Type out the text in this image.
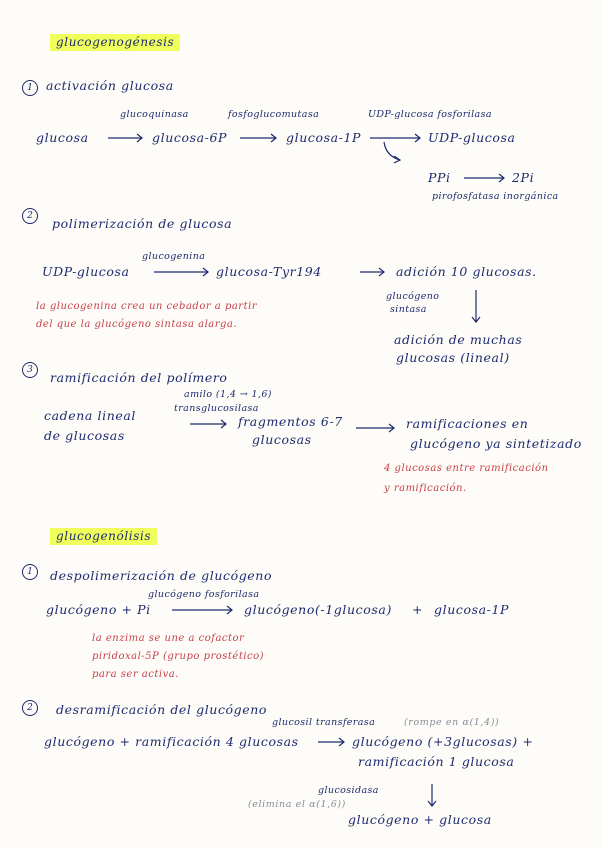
glucogenogénesis
1	activación glucosa
glucoquinasa	fosfoglucomutasa	UDP-glucosa fosforilasa
glucosa	glucosa-6P	glucosa-1P	UDP-glucosa
PPi	2Pi
pirofosfatasa inorgánica
2	polimerización de glucosa
glucogenina
UDP-glucosa	glucosa-Tyr194	adición 10 glucosas.
glucógeno
sintasa
la glucogenina crea un cebador a partir
del que la glucógeno sintasa alarga.
adición de muchas
glucosas (lineal)
3	ramificación del polímero
amilo (1,4 → 1,6)
transglucosilasa
cadena lineal
de glucosas
fragmentos 6-7
glucosas
ramificaciones en
glucógeno ya sintetizado
4 glucosas entre ramificación
y ramificación.
glucogenólisis
1	despolimerización de glucógeno
glucógeno fosforilasa
glucógeno + Pi	glucógeno(-1glucosa) + glucosa-1P
la enzima se une a cofactor
piridoxal-5P (grupo prostético)
para ser activa.
2	desramificación del glucógeno
glucosil transferasa	(rompe en α(1,4))
glucógeno + ramificación 4 glucosas	glucógeno (+3glucosas) +
ramificación 1 glucosa
glucosidasa
(elimina el α(1,6))
glucógeno + glucosa
